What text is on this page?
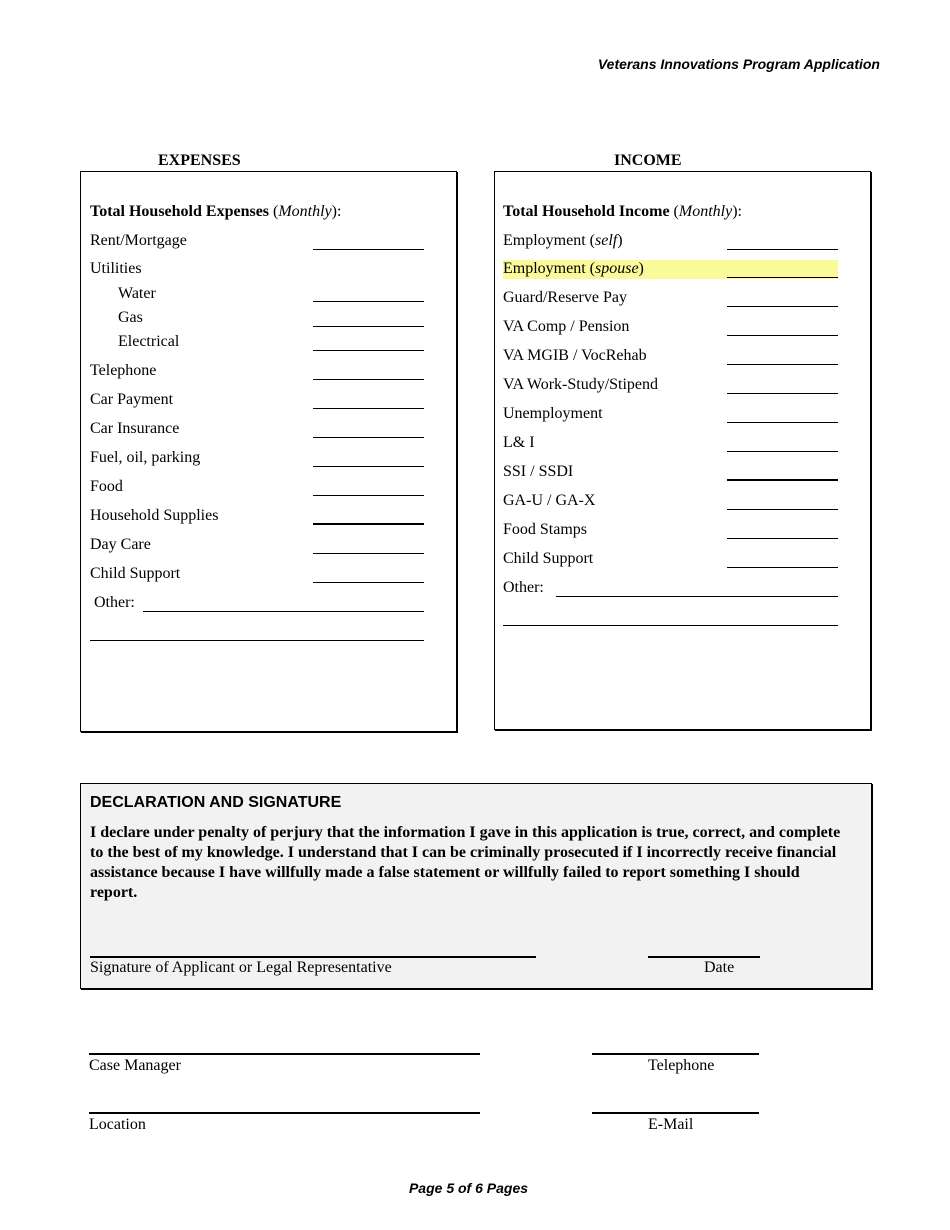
Veterans Innovations Program Application
EXPENSES
Total Household Expenses (Monthly):
Rent/Mortgage
Utilities
Water
Gas
Electrical
Telephone
Car Payment
Car Insurance
Fuel, oil, parking
Food
Household Supplies
Day Care
Child Support
Other:
INCOME
Total Household Income (Monthly):
Employment (self)
Employment (spouse)
Guard/Reserve Pay
VA Comp / Pension
VA MGIB / VocRehab
VA Work-Study/Stipend
Unemployment
L& I
SSI / SSDI
GA-U / GA-X
Food Stamps
Child Support
Other:
DECLARATION AND SIGNATURE
I declare under penalty of perjury that the information I gave in this application is true, correct, and complete to the best of my knowledge. I understand that I can be criminally prosecuted if I incorrectly receive financial assistance because I have willfully made a false statement or willfully failed to report something I should report.
Signature of Applicant or Legal Representative	Date
Case Manager	Telephone
Location	E-Mail
Page 5 of 6 Pages
